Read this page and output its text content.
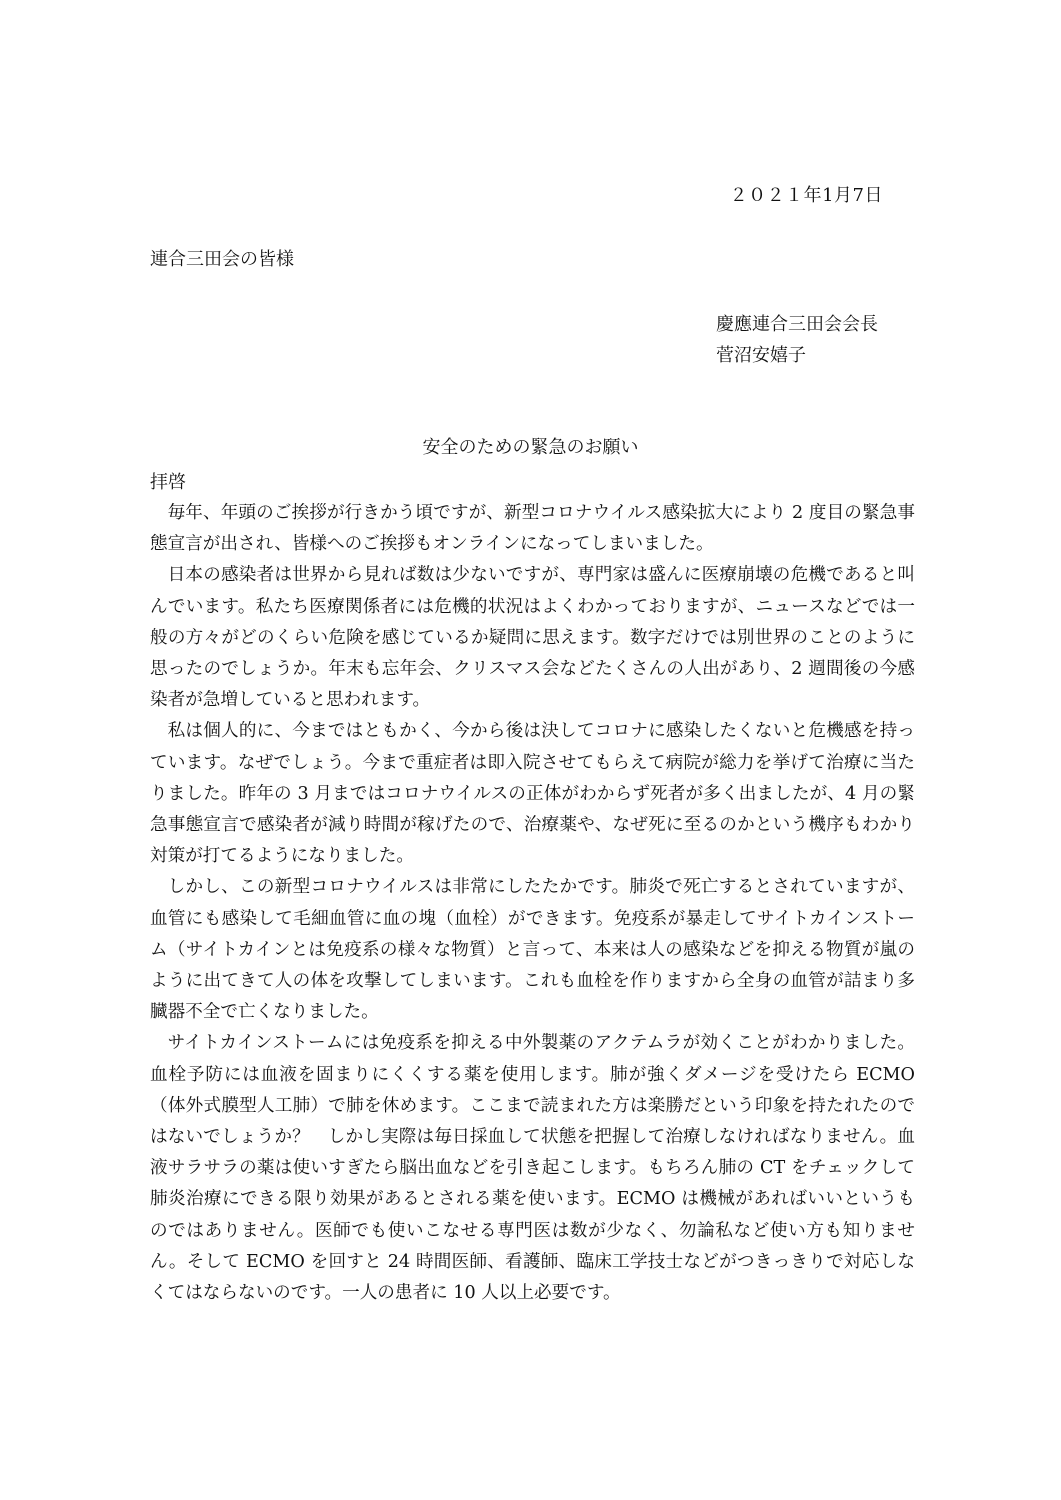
２０２１年1月7日
連合三田会の皆様
慶應連合三田会会長
菅沼安嬉子
安全のための緊急のお願い
拝啓

毎年、年頭のご挨拶が行きかう頃ですが、新型コロナウイルス感染拡大により 2 度目の緊急事態宣言が出され、皆様へのご挨拶もオンラインになってしまいました。

日本の感染者は世界から見れば数は少ないですが、専門家は盛んに医療崩壊の危機であると叫んでいます。私たち医療関係者には危機的状況はよくわかっておりますが、ニュースなどでは一般の方々がどのくらい危険を感じているか疑問に思えます。数字だけでは別世界のことのように思ったのでしょうか。年末も忘年会、クリスマス会などたくさんの人出があり、2 週間後の今感染者が急増していると思われます。

私は個人的に、今まではともかく、今から後は決してコロナに感染したくないと危機感を持っています。なぜでしょう。今まで重症者は即入院させてもらえて病院が総力を挙げて治療に当たりました。昨年の 3 月まではコロナウイルスの正体がわからず死者が多く出ましたが、4 月の緊急事態宣言で感染者が減り時間が稼げたので、治療薬や、なぜ死に至るのかという機序もわかり対策が打てるようになりました。

しかし、この新型コロナウイルスは非常にしたたかです。肺炎で死亡するとされていますが、血管にも感染して毛細血管に血の塊（血栓）ができます。免疫系が暴走してサイトカインストーム（サイトカインとは免疫系の様々な物質）と言って、本来は人の感染などを抑える物質が嵐のように出てきて人の体を攻撃してしまいます。これも血栓を作りますから全身の血管が詰まり多臓器不全で亡くなりました。

サイトカインストームには免疫系を抑える中外製薬のアクテムラが効くことがわかりました。血栓予防には血液を固まりにくくする薬を使用します。肺が強くダメージを受けたら ECMO（体外式膜型人工肺）で肺を休めます。ここまで読まれた方は楽勝だという印象を持たれたのではないでしょうか？　しかし実際は毎日採血して状態を把握して治療しなければなりません。血液サラサラの薬は使いすぎたら脳出血などを引き起こします。もちろん肺の CT をチェックして肺炎治療にできる限り効果があるとされる薬を使います。ECMO は機械があればいいというものではありません。医師でも使いこなせる専門医は数が少なく、勿論私など使い方も知りません。そして ECMO を回すと 24 時間医師、看護師、臨床工学技士などがつきっきりで対応しなくてはならないのです。一人の患者に 10 人以上必要です。
